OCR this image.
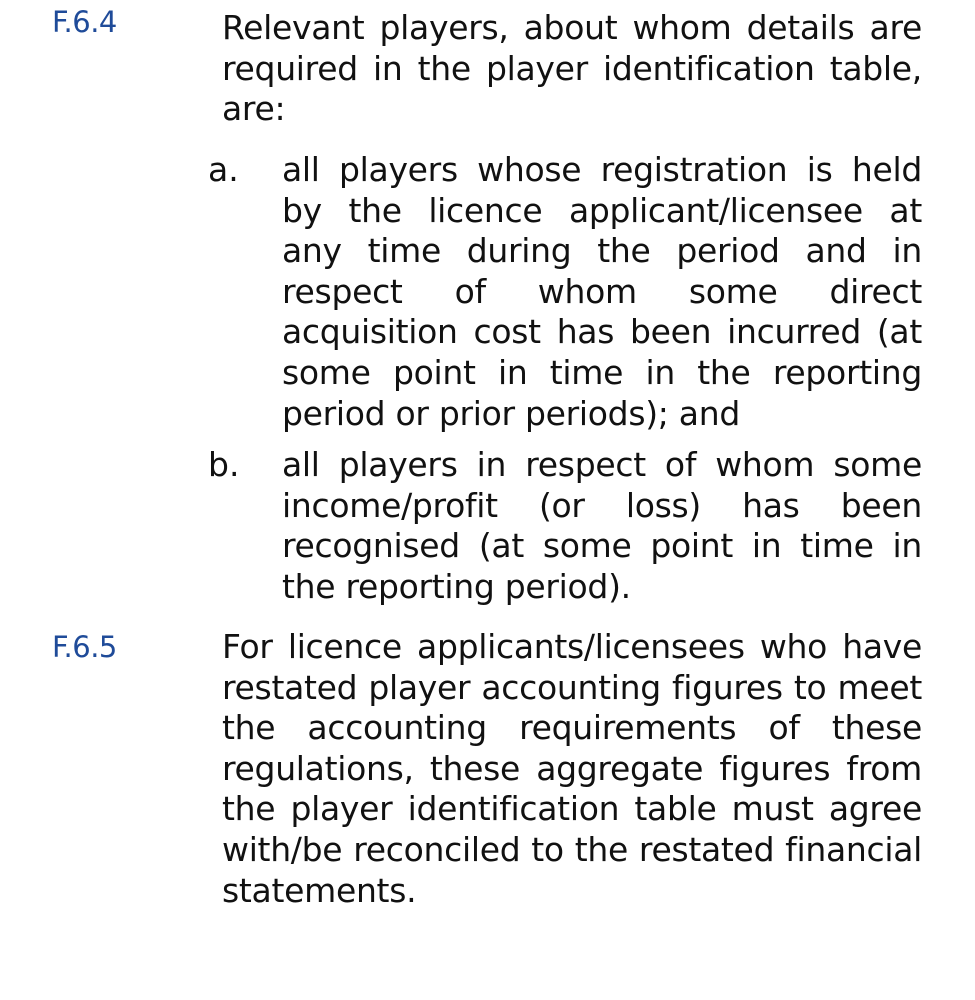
F.6.4	Relevant players, about whom details are required in the player identification table, are:
a. all players whose registration is held by the licence applicant/licensee at any time during the period and in respect of whom some direct acquisition cost has been incurred (at some point in time in the reporting period or prior periods); and
b. all players in respect of whom some income/profit (or loss) has been recognised (at some point in time in the reporting period).
F.6.5	For licence applicants/licensees who have restated player accounting figures to meet the accounting requirements of these regulations, these aggregate figures from the player identification table must agree with/be reconciled to the restated financial statements.
